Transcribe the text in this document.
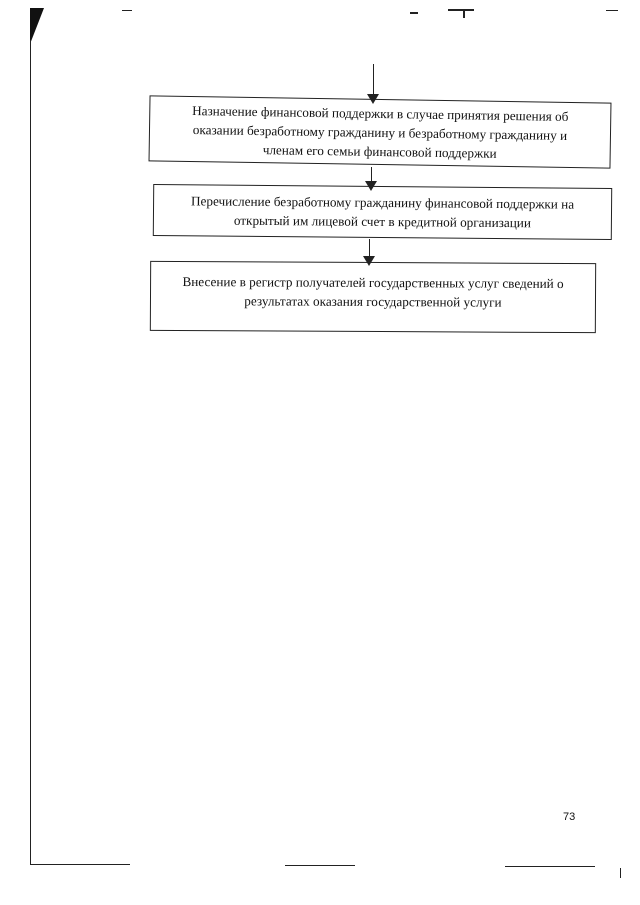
Назначение финансовой поддержки в случае принятия решения об
оказании безработному гражданину и безработному гражданину и
членам его семьи финансовой поддержки
Перечисление безработному гражданину финансовой поддержки на
открытый им лицевой счет в кредитной организации
Внесение в регистр получателей государственных услуг сведений о
результатах оказания государственной услуги
73
